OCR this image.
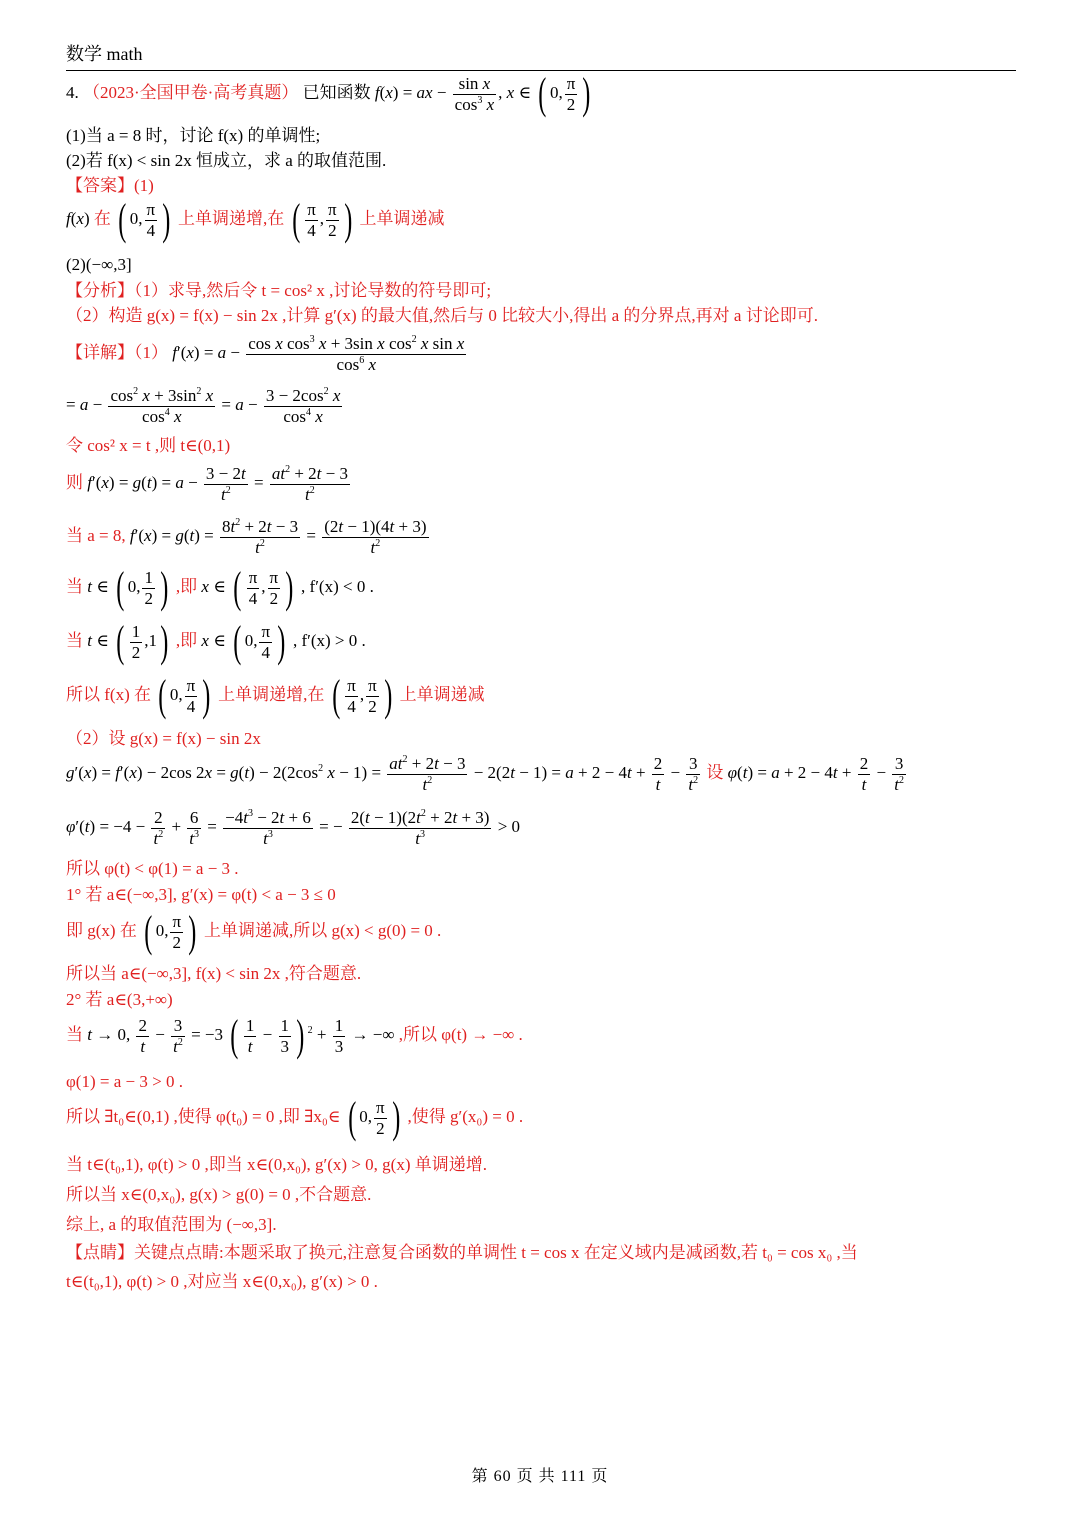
数学 math
4. （2023·全国甲卷·高考真题） 已知函数 f(x) = ax − $\frac{\text{sin x}}{\cos^3 x}$ , x ∈ ( 0, $\frac{\pi}{2}$ )
(1)当 a = 8 时，讨论 f(x) 的单调性;
(2)若 f(x) < sin 2x 恒成立，求 a 的取值范围.
【答案】(1)
f(x) 在 ( 0, $\frac{\pi}{4}$ ) 上单调递增,在 ( $\frac{\pi}{4}$ , $\frac{\pi}{2}$ ) 上单调递减
(2)(−∞,3]
【分析】（1）求导,然后令 t = cos² x ,讨论导数的符号即可;
（2）构造 g(x) = f(x) − sin 2x ,计算 g′(x) 的最大值,然后与 0 比较大小,得出 a 的分界点,再对 a 讨论即可.
【详解】（1） $f'(x) = a - \frac{\cos x \cos^3 x + 3\sin x \cos^2 x \sin x}{\cos^6 x}$
= $a - \frac{\cos^2 x + 3\sin^2 x}{\cos^4 x} = a - \frac{3 - 2\cos^2 x}{\cos^4 x}$
令 cos² x = t ,则 t∈(0,1)
则 $f'(x) = g(t) = a - \frac{3 - 2t}{t^2} = \frac{at^2 + 2t - 3}{t^2}$
当 a = 8, $f'(x) = g(t) = \frac{8t^2 + 2t - 3}{t^2} = \frac{(2t - 1)(4t + 3)}{t^2}$
当 t ∈ ( 0, $\frac{1}{2}$ ) ,即 x ∈ ( $\frac{\pi}{4}$ , $\frac{\pi}{2}$ ) , f′(x) < 0 .
当 t ∈ ( $\frac{1}{2} ,1$) ,即 x ∈ ( 0, $\frac{\pi}{4}$ ) , f′(x) > 0 .
所以 f(x) 在 ( 0, $\frac{\pi}{4}$ ) 上单调递增,在 ( $\frac{\pi}{4}$ , $\frac{\pi}{2}$ ) 上单调递减
（2）设 g(x) = f(x) − sin 2x
g′(x) = f′(x) − 2cos $2x = g(t) - 2(2\cos^2$ $x - 1) = \frac{at^2 + 2t - 3}{t^2} - 2(2t - 1) = a + 2 - 4t + \frac{2}{t} - \frac{3}{t^2}$ 设 $\varphi(t) = a + 2 - 4t + \frac{2}{t} - \frac{3}{t^2}$
$\varphi'(t) = -4 - \frac{2}{t^2} + \frac{6}{t^3} = \frac{-4t^3 - 2t + 6}{t^3}$ = − $\frac{2(t - 1)(2t^2 + 2t + 3)}{t^3} > 0$
所以 φ(t) < φ(1) = a − 3 .
1° 若 a∈(−∞,3], g′(x) = φ(t) < a − 3 ≤ 0
即 g(x) 在 ( 0, $\frac{\pi}{2}$ ) 上单调递减,所以 g(x) < g(0) = 0 .
所以当 a∈(−∞,3], f(x) < sin 2x ,符合题意.
2° 若 a∈(3,+∞)
当 t → 0, $\frac{2}{t} - \frac{3}{t^2} = -3$ ( $\frac{1}{t} - \frac{1}{3}$ ) $^2 + \frac{1}{3}$ → −∞ ,所以 φ(t) → −∞ .
φ(1) = a − 3 > 0 .
所以 ∃t₀∈(0,1) ,使得 φ(t₀) = 0 ,即 ∃x₀∈ ( 0, $\frac{\pi}{2}$ ) ,使得 g′(x₀) = 0 .
当 t∈(t₀,1), φ(t) > 0 ,即当 x∈(0,x₀), g′(x) > 0, g(x) 单调递增.
所以当 x∈(0,x₀), g(x) > g(0) = 0 ,不合题意.
综上, a 的取值范围为 (−∞,3].
【点睛】关键点点睛:本题采取了换元,注意复合函数的单调性 t = cos x 在定义域内是减函数,若 t₀ = cos x₀ ,当
t∈(t₀,1), φ(t) > 0 ,对应当 x∈(0,x₀), g′(x) > 0 .
第 60 页 共 111 页
